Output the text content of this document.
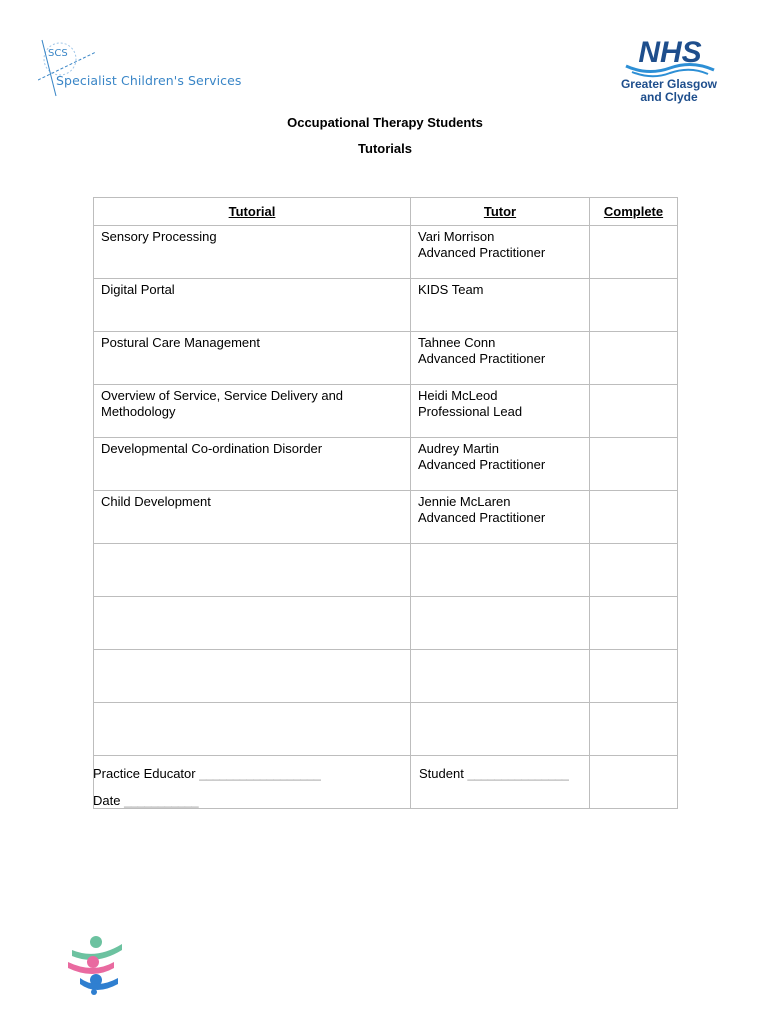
SCS
Specialist Children's Services
NHS
Greater Glasgow
and Clyde
Occupational Therapy Students
Tutorials
Tutorial	Tutor	Complete
Sensory Processing	Vari Morrison
Advanced Practitioner	

Digital Portal	KIDS Team	

Postural Care Management	Tahnee Conn
Advanced Practitioner	

Overview of Service, Service Delivery and Methodology	Heidi McLeod
Professional Lead	

Developmental Co-ordination Disorder	Audrey Martin
Advanced Practitioner	

Child Development	Jennie McLaren
Advanced Practitioner	

Practice Educator __________________	Student _______________
Date ___________
